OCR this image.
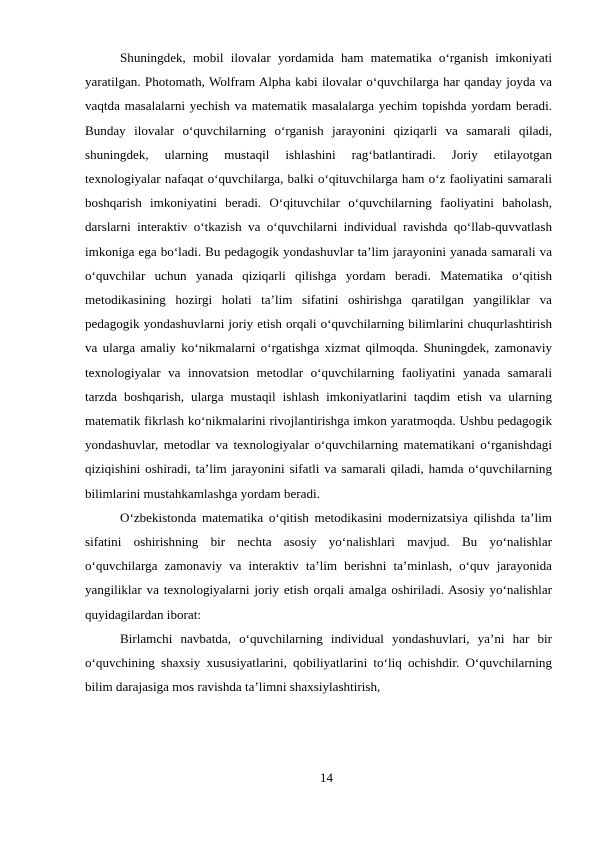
Shuningdek, mobil ilovalar yordamida ham matematika o‘rganish imkoniyati yaratilgan. Photomath, Wolfram Alpha kabi ilovalar o‘quvchilarga har qanday joyda va vaqtda masalalarni yechish va matematik masalalarga yechim topishda yordam beradi. Bunday ilovalar o‘quvchilarning o‘rganish jarayonini qiziqarli va samarali qiladi, shuningdek, ularning mustaqil ishlashini rag‘batlantiradi. Joriy etilayotgan texnologiyalar nafaqat o‘quvchilarga, balki o‘qituvchilarga ham o‘z faoliyatini samarali boshqarish imkoniyatini beradi. O‘qituvchilar o‘quvchilarning faoliyatini baholash, darslarni interaktiv o‘tkazish va o‘quvchilarni individual ravishda qo‘llab-quvvatlash imkoniga ega bo‘ladi. Bu pedagogik yondashuvlar ta’lim jarayonini yanada samarali va o‘quvchilar uchun yanada qiziqarli qilishga yordam beradi. Matematika o‘qitish metodikasining hozirgi holati ta’lim sifatini oshirishga qaratilgan yangiliklar va pedagogik yondashuvlarni joriy etish orqali o‘quvchilarning bilimlarini chuqurlashtirish va ularga amaliy ko‘nikmalarni o‘rgatishga xizmat qilmoqda. Shuningdek, zamonaviy texnologiyalar va innovatsion metodlar o‘quvchilarning faoliyatini yanada samarali tarzda boshqarish, ularga mustaqil ishlash imkoniyatlarini taqdim etish va ularning matematik fikrlash ko‘nikmalarini rivojlantirishga imkon yaratmoqda. Ushbu pedagogik yondashuvlar, metodlar va texnologiyalar o‘quvchilarning matematikani o‘rganishdagi qiziqishini oshiradi, ta’lim jarayonini sifatli va samarali qiladi, hamda o‘quvchilarning bilimlarini mustahkamlashga yordam beradi.

O‘zbekistonda matematika o‘qitish metodikasini modernizatsiya qilishda ta’lim sifatini oshirishning bir nechta asosiy yo‘nalishlari mavjud. Bu yo‘nalishlar o‘quvchilarga zamonaviy va interaktiv ta’lim berishni ta’minlash, o‘quv jarayonida yangiliklar va texnologiyalarni joriy etish orqali amalga oshiriladi. Asosiy yo‘nalishlar quyidagilardan iborat:

Birlamchi navbatda, o‘quvchilarning individual yondashuvlari, ya’ni har bir o‘quvchining shaxsiy xususiyatlarini, qobiliyatlarini to‘liq ochishdir. O‘quvchilarning bilim darajasiga mos ravishda ta’limni shaxsiylashtirish,

14
